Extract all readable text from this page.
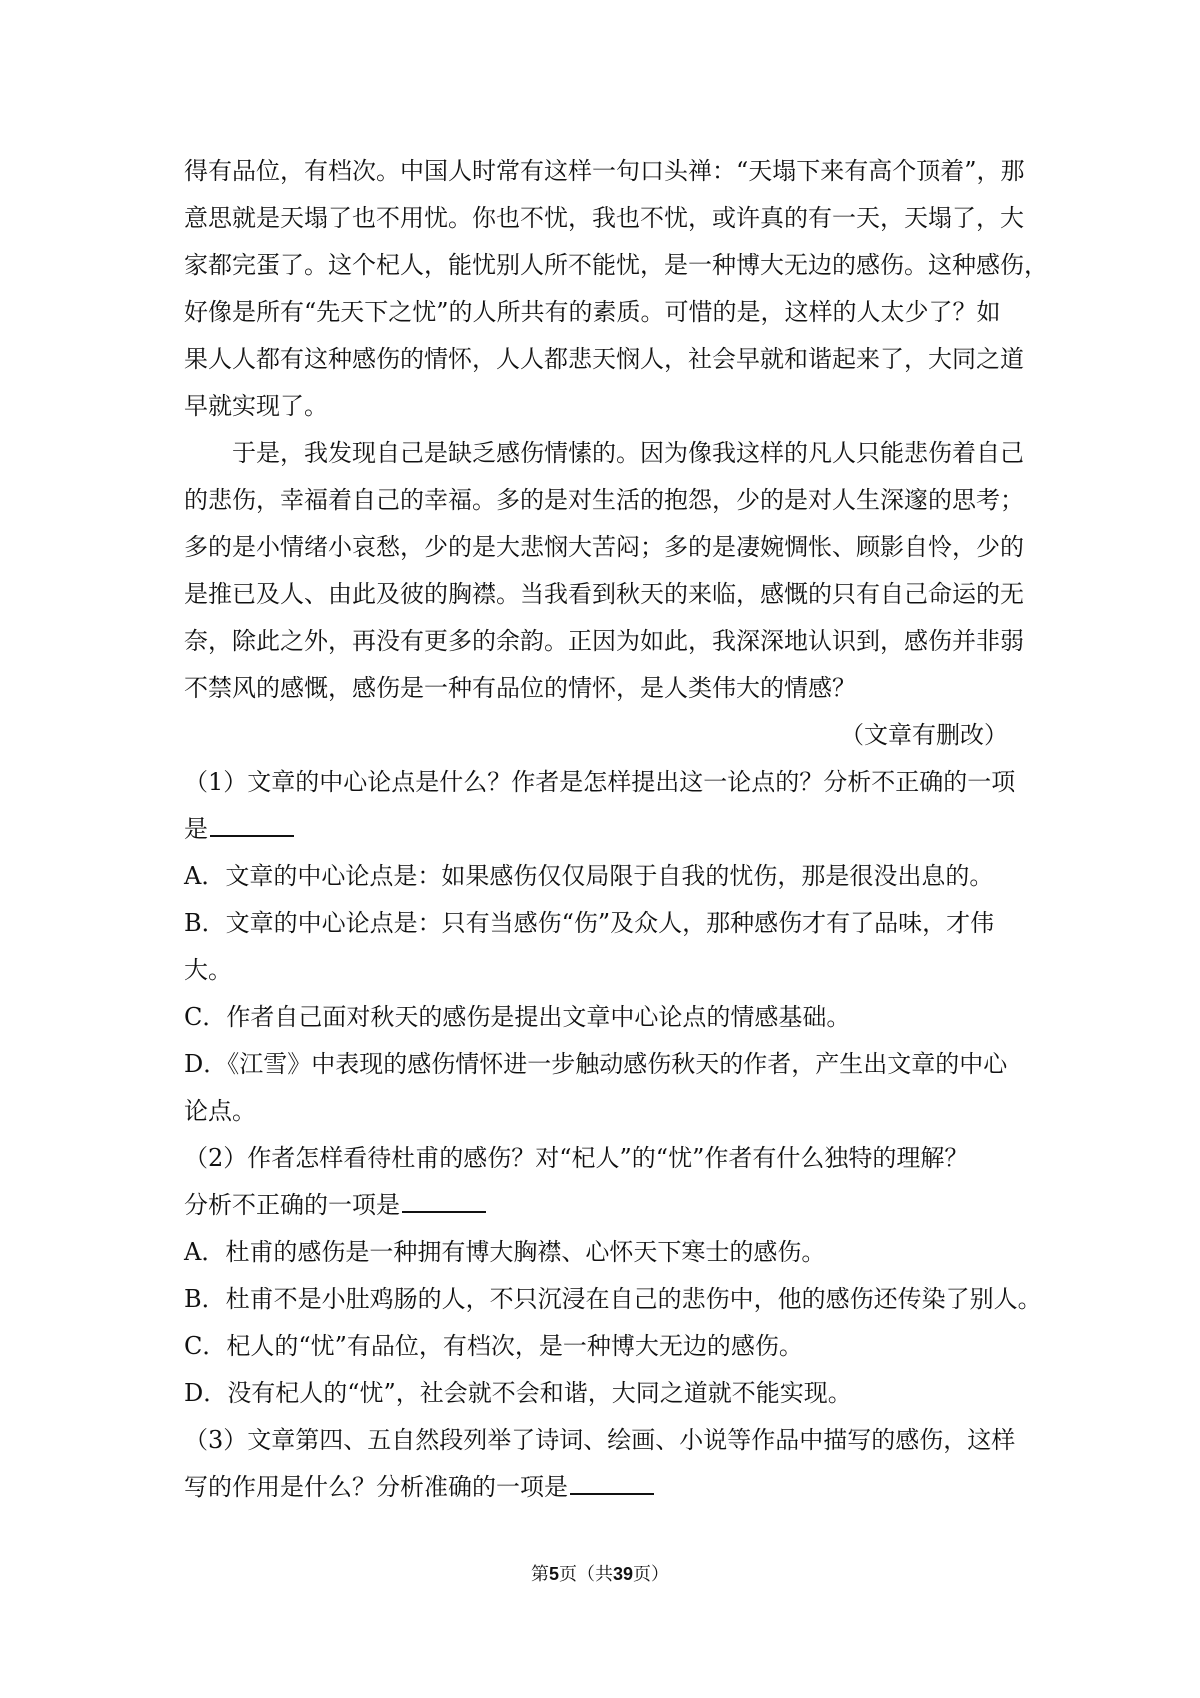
得有品位，有档次。中国人时常有这样一句口头禅：“天塌下来有高个顶着”，那
意思就是天塌了也不用忧。你也不忧，我也不忧，或许真的有一天，天塌了，大
家都完蛋了。这个杞人，能忧别人所不能忧，是一种博大无边的感伤。这种感伤，
好像是所有“先天下之忧”的人所共有的素质。可惜的是，这样的人太少了？如
果人人都有这种感伤的情怀，人人都悲天悯人，社会早就和谐起来了，大同之道
早就实现了。
于是，我发现自己是缺乏感伤情愫的。因为像我这样的凡人只能悲伤着自己
的悲伤，幸福着自己的幸福。多的是对生活的抱怨，少的是对人生深邃的思考；
多的是小情绪小哀愁，少的是大悲悯大苦闷；多的是凄婉惆怅、顾影自怜，少的
是推已及人、由此及彼的胸襟。当我看到秋天的来临，感慨的只有自己命运的无
奈，除此之外，再没有更多的余韵。正因为如此，我深深地认识到，感伤并非弱
不禁风的感慨，感伤是一种有品位的情怀，是人类伟大的情感？
（文章有删改）
（1）文章的中心论点是什么？作者是怎样提出这一论点的？分析不正确的一项
是
A．文章的中心论点是：如果感伤仅仅局限于自我的忧伤，那是很没出息的。
B．文章的中心论点是：只有当感伤“伤”及众人，那种感伤才有了品味，才伟
大。
C．作者自己面对秋天的感伤是提出文章中心论点的情感基础。
D．《江雪》中表现的感伤情怀进一步触动感伤秋天的作者，产生出文章的中心
论点。
（2）作者怎样看待杜甫的感伤？对“杞人”的“忧”作者有什么独特的理解？
分析不正确的一项是
A．杜甫的感伤是一种拥有博大胸襟、心怀天下寒士的感伤。
B．杜甫不是小肚鸡肠的人，不只沉浸在自己的悲伤中，他的感伤还传染了别人。
C．杞人的“忧”有品位，有档次，是一种博大无边的感伤。
D．没有杞人的“忧”，社会就不会和谐，大同之道就不能实现。
（3）文章第四、五自然段列举了诗词、绘画、小说等作品中描写的感伤，这样
写的作用是什么？分析准确的一项是
第5页（共39页）
